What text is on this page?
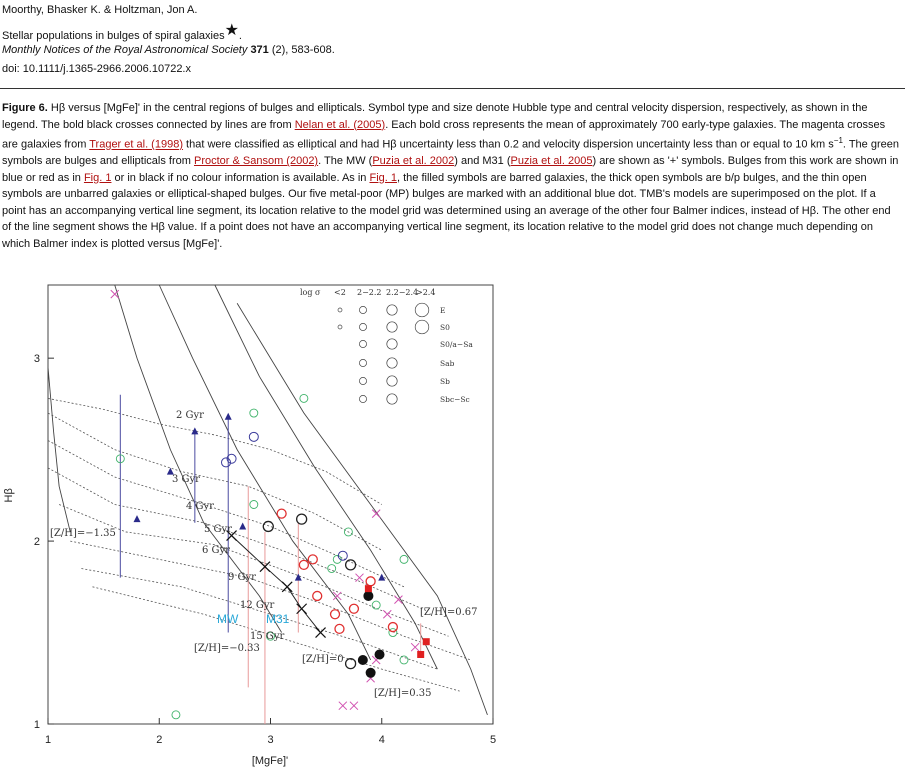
Moorthy, Bhasker K. & Holtzman, Jon A.
Stellar populations in bulges of spiral galaxies★.
Monthly Notices of the Royal Astronomical Society 371 (2), 583-608.
doi: 10.1111/j.1365-2966.2006.10722.x
Figure 6. Hβ versus [MgFe]' in the central regions of bulges and ellipticals. Symbol type and size denote Hubble type and central velocity dispersion, respectively, as shown in the legend. The bold black crosses connected by lines are from Nelan et al. (2005). Each bold cross represents the mean of approximately 700 early-type galaxies. The magenta crosses are galaxies from Trager et al. (1998) that were classified as elliptical and had Hβ uncertainty less than 0.2 and velocity dispersion uncertainty less than or equal to 10 km $s^{-1}$. The green symbols are bulges and ellipticals from Proctor & Sansom (2002). The MW (Puzia et al. 2002) and M31 (Puzia et al. 2005) are shown as '+' symbols. Bulges from this work are shown in blue or red as in Fig. 1 or in black if no colour information is available. As in Fig. 1, the filled symbols are barred galaxies, the thick open symbols are b/p bulges, and the thin open symbols are unbarred galaxies or elliptical-shaped bulges. Our five metal-poor (MP) bulges are marked with an additional blue dot. TMB's models are superimposed on the plot. If a point has an accompanying vertical line segment, its location relative to the model grid was determined using an average of the other four Balmer indices, instead of Hβ. The other end of the line segment shows the Hβ value. If a point does not have an accompanying vertical line segment, its location relative to the model grid does not change much depending on which Balmer index is plotted versus [MgFe]'.
2 Gyr
3 Gyr
4 Gyr
5 Gyr
6 Gyr
9 Gyr
12 Gyr
15 Gyr
[Z/H]=−1.35
[Z/H]=−0.33
[Z/H]=0
[Z/H]=0.35
[Z/H]=0.67
MW M31
log σ <2 2−2.2 2.2−2.4
>2.4
E
S0
S0/a−Sa
Sab
Sb
Sbc−Sc
1	2	3	4	5
1
2
3
[MgFe]'
Hβ
